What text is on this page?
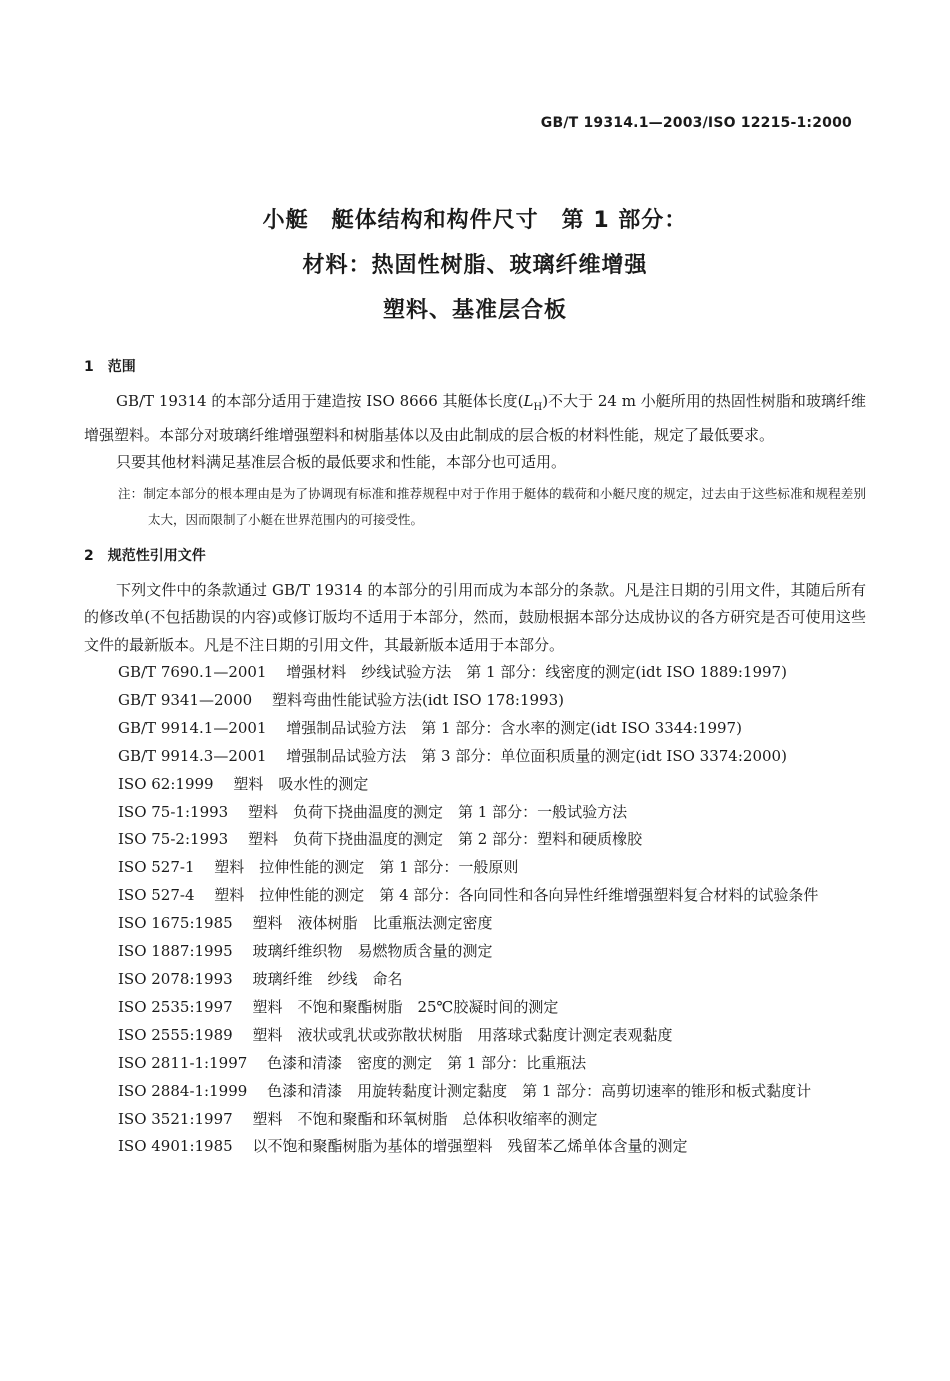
GB/T 19314.1—2003/ISO 12215-1:2000
小艇　艇体结构和构件尺寸　第 1 部分：
材料：热固性树脂、玻璃纤维增强
塑料、基准层合板

1　范围

GB/T 19314 的本部分适用于建造按 ISO 8666 其艇体长度$(L_H)$不大于 24 m 小艇所用的热固性树脂和玻璃纤维增强塑料。本部分对玻璃纤维增强塑料和树脂基体以及由此制成的层合板的材料性能，规定了最低要求。

只要其他材料满足基准层合板的最低要求和性能，本部分也可适用。

注：制定本部分的根本理由是为了协调现有标准和推荐规程中对于作用于艇体的载荷和小艇尺度的规定，过去由于这些标准和规程差别太大，因而限制了小艇在世界范围内的可接受性。

2　规范性引用文件

下列文件中的条款通过 GB/T 19314 的本部分的引用而成为本部分的条款。凡是注日期的引用文件，其随后所有的修改单(不包括勘误的内容)或修订版均不适用于本部分，然而，鼓励根据本部分达成协议的各方研究是否可使用这些文件的最新版本。凡是不注日期的引用文件，其最新版本适用于本部分。

GB/T 7690.1—2001　 增强材料　纱线试验方法　第 1 部分：线密度的测定(idt ISO 1889:1997)

GB/T 9341—2000　 塑料弯曲性能试验方法(idt ISO 178:1993)

GB/T 9914.1—2001　 增强制品试验方法　第 1 部分：含水率的测定(idt ISO 3344:1997)

GB/T 9914.3—2001　 增强制品试验方法　第 3 部分：单位面积质量的测定(idt ISO 3374:2000)

ISO 62:1999　 塑料　吸水性的测定

ISO 75-1:1993　 塑料　负荷下挠曲温度的测定　第 1 部分：一般试验方法

ISO 75-2:1993　 塑料　负荷下挠曲温度的测定　第 2 部分：塑料和硬质橡胶

ISO 527-1　 塑料　拉伸性能的测定　第 1 部分：一般原则

ISO 527-4　 塑料　拉伸性能的测定　第 4 部分：各向同性和各向异性纤维增强塑料复合材料的试验条件

ISO 1675:1985　 塑料　液体树脂　比重瓶法测定密度

ISO 1887:1995　 玻璃纤维织物　易燃物质含量的测定

ISO 2078:1993　 玻璃纤维　纱线　命名

ISO 2535:1997　 塑料　不饱和聚酯树脂　25℃胶凝时间的测定

ISO 2555:1989　 塑料　液状或乳状或弥散状树脂　用落球式黏度计测定表观黏度

ISO 2811-1:1997　 色漆和清漆　密度的测定　第 1 部分：比重瓶法

ISO 2884-1:1999　 色漆和清漆　用旋转黏度计测定黏度　第 1 部分：高剪切速率的锥形和板式黏度计

ISO 3521:1997　 塑料　不饱和聚酯和环氧树脂　总体积收缩率的测定

ISO 4901:1985　 以不饱和聚酯树脂为基体的增强塑料　残留苯乙烯单体含量的测定
